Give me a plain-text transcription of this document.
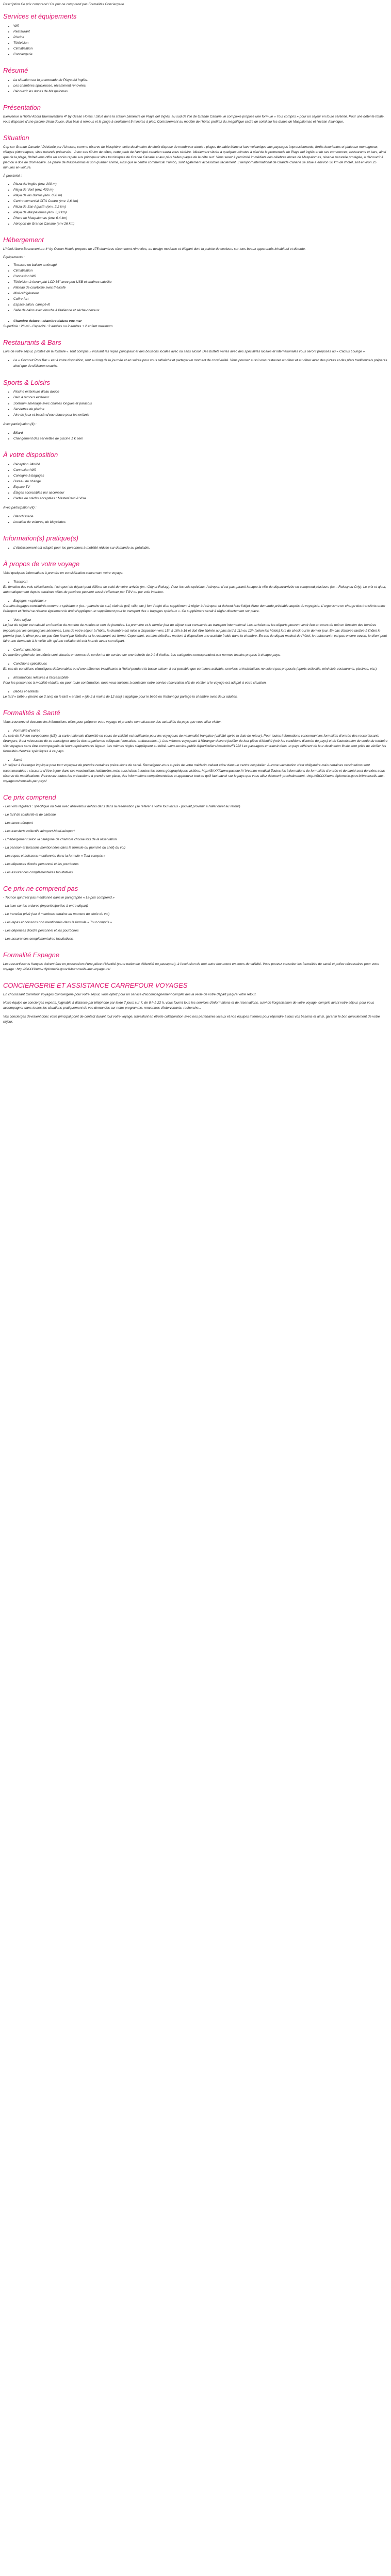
Description Ce prix comprend / Ce prix ne comprend pas Formalités Conciergerie
Services et équipements
• Wifi
• Restaurant
• Piscine
• Télévision
• Climatisation
• Conciergerie
Résumé
• La situation sur la promenade de Playa del Inglés.
• Les chambres spacieuses, récemment rénovées.
• Découvrir les dunes de Maspalomas
Présentation

Bienvenue à l'hôtel Abora Buenaventura 4* by Ocean Hotels ! Situé dans la station balnéaire de Playa del Inglés, au sud de l'île de Grande Canarie, le complexe propose une formule « Tout compris » pour un séjour en toute sérénité. Pour une détente totale, vous disposez d'une piscine d'eau douce, d'un bain à remous et la plage à seulement 5 minutes à pied. Contrairement au modèle de l'hôtel, profitez du magnifique cadre de soleil sur les dunes de Maspalomas et l'océan Atlantique.

Situation

Cap sur Grande Canarie ! Déclarée par l'Unesco, comme réserve de biosphère, cette destination de choix dispose de nombreux atouts : plages de sable blanc et lave volcanique aux paysages impressionnants, forêts luxuriantes et plateaux montagneux, villages pittoresques, sites naturels préservés... Avec ses 60 km de côtes, cette perle de l'archipel canarien saura vous séduire. Idéalement située à quelques minutes à pied de la promenade de Playa del Inglés et de ses commerces, restaurants et bars, ainsi que de la plage, l'hôtel vous offre un accès rapide aux principaux sites touristiques de Grande Canarie et aux plus belles plages de la côte sud. Vous serez à proximité immédiate des célèbres dunes de Maspalomas, réserve naturelle protégée, à découvrir à pied ou à dos de dromadaire. Le phare de Maspalomas et son quartier animé, ainsi que le centre commercial Yumbo, sont également accessibles facilement. L'aéroport international de Grande Canarie se situe à environ 30 km de l'hôtel, soit environ 25 minutes en voiture.

À proximité :
• Plaza del Inglés (env. 200 m)
• Playa de Veril (env. 400 m)
• Playa de las Burras (env. 650 m)
• Centro comercial CITA Centro (env. 1,6 km)
• Plaza de San Agustín (env. 2,2 km)
• Playa de Maspalomas (env. 3,3 km)
• Phare de Maspalomas (env. 6,4 km)
• Aéroport de Grande Canarie (env 26 km)
Hébergement

L'hôtel Abora Buenaventura 4* by Ocean Hotels propose de 175 chambres récemment rénovées, au design moderne et élégant dont la palette de couleurs sur tons beaux apparentés inhabituel et détente.

Équipements :
• Terrasse ou balcon aménagé
• Climatisation
• Connexion Wifi
• Télévision à écran plat LCD 36" avec port USB et chaînes satellite
• Plateau de courtoisie avec thé/café
• Mini-réfrigérateur
• Coffre-fort
• Espace salon, canapé-lit
• Salle de bains avec douche à l'italienne et sèche-cheveux
• Chambre deluxe - chambre deluxe vue mer

Superficie : 26 m² - Capacité : 3 adultes ou 2 adultes + 2 enfant maximum

Restaurants & Bars

Lors de votre séjour, profitez de la formule « Tout compris » incluant les repas principaux et des boissons locales avec ou sans alcool. Des buffets variés avec des spécialités locales et internationales vous seront proposés au « Cactus Lounge ».

• Le « Coconut Pool Bar » est à votre disposition, tout au long de la journée et en soirée pour vous rafraîchir et partager un moment de convivialité. Vous pourrez aussi vous restaurer au dîner et au dîner avec des pizzas et des plats traditionnels préparés ainsi que de délicieux snacks.
Sports & Loisirs
• Piscine extérieure d'eau douce
• Bain à remous extérieur
• Solarium aménagé avec chaises longues et parasols
• Serviettes de piscine
• Aire de jeux et bassin d'eau douce pour les enfants
Avec participation (€) :
• Billard
• Changement des serviettes de piscine 1 € sem
À votre disposition
• Réception 24h/24
• Connexion Wifi
• Consigne à bagages
• Bureau de change
• Espace TV
• Étages accessibles par ascenseur
• Cartes de crédits acceptées : MasterCard & Visa
Avec participation (€) :
• Blanchisserie
• Location de voitures, de bicyclettes
Information(s) pratique(s)
• L'établissement est adapté pour les personnes à mobilité réduite sur demande au préalable.
À propos de votre voyage

Voici quelques informations à prendre en considération concernant votre voyage.

• Transport

En fonction des vols sélectionnés, l'aéroport de départ peut différer de celui de votre arrivée (ex : Orly et Roissy). Pour les vols spéciaux, l'aéroport n'est pas garanti lorsque la ville de départ/arrivée en comprend plusieurs (ex. : Roissy ou Orly). Le prix et ajout, automatiquement depuis certaines villes de province peuvent aussi s'effectuer par TGV ou par voie interieur.

• Bagages « spéciaux »

Certains bagages considérés comme « spéciaux » (ex. : planche de surf, club de golf, vélo, etc.) font l'objet d'un supplément à régler à l'aéroport et doivent faire l'objet d'une demande préalable auprès du voyagiste. L'organisme en charge des transferts entre l'aéroport et l'hôtel se réserve également le droit d'appliquer un supplément pour le transport des « bagages spéciaux ». Ce supplément serait à régler directement sur place.

• Votre séjour

Le jour du séjour est calculé en fonction du nombre de nuitées et non de journées. La première et le dernier jour du séjour sont consacrés au transport international. Les arrivées ou les départs peuvent avoir lieu en cours de nuit en fonction des horaires imposés par les compagnies aériennes. Lors de votre séjour à l'hôtel, la chambre est mise à disposition vers 15h à 16h à 16 et doit être libérée au plus tard à 11h ou 12h (selon les hôtels) lors du check-out le dernier jour. En cas d'arrivée tardive à l'hôtel le premier jour, le dîner peut ne pas être fourni par l'hôtelier et le restaurant est fermé. Cependant, certains hôteliers mettent à disposition une assiette froide dans la chambre. En cas de départ matinal de l'hôtel, le restaurant n'est pas encore ouvert, le client peut faire une demande à la veille afin qu'une collation lui soit fournie avant son départ.

• Confort des hôtels

De manière générale, les hôtels sont classés en termes de confort et de service sur une échelle de 2 à 5 étoiles. Les catégories correspondent aux normes locales propres à chaque pays.

• Conditions spécifiques

En cas de conditions climatiques défavorables ou d'une affluence insuffisante à l'hôtel pendant la basse saison, il est possible que certaines activités, services et installations ne soient pas proposés (sports collectifs, mini club, restaurants, piscines, etc.).

• Informations relatives à l'accessibilité

Pour les personnes à mobilité réduite, ou pour toute confirmation, nous vous invitons à contacter notre service réservation afin de vérifier si le voyage est adapté à votre situation.

• Bébés et enfants

Le tarif « bébé » (moins de 2 ans) ou le tarif « enfant » (de 2 à moins de 12 ans) s'applique pour le bébé ou l'enfant qui partage la chambre avec deux adultes.

Formalités & Santé

Vous trouverez ci-dessous les informations utiles pour préparer votre voyage et prendre connaissance des actualités du pays que vous allez visiter.

• Formalité d'entrée

Au sein de l'Union européenne (UE), la carte nationale d'identité en cours de validité est suffisante pour les voyageurs de nationalité française (validité après la date de retour). Pour toutes informations concernant les formalités d'entrée des ressortissants étrangers, il est nécessaire de se renseigner auprès des organismes adéquats (consulats, ambassades...). Les mineurs voyageant à l'étranger doivent justifier de leur pièce d'identité (voir les conditions d'entrée du pays) et de l'autorisation de sortie du territoire s'ils voyagent sans être accompagnés de leurs représentants légaux. Les mêmes règles s'appliquent au bébé. www.service-public.fr/particuliers/vosdroits/F1922 Les passagers en transit dans un pays différent de leur destination finale sont priés de vérifier les formalités d'entrée spécifiques à ce pays.

• Santé

Un séjour à l'étranger implique pour tout voyageur de prendre certaines précautions de santé. Renseignez-vous auprès de votre médecin traitant et/ou dans un centre hospitalier. Aucune vaccination n'est obligatoire mais certaines vaccinations sont recommandées : s'assurer d'être à jour dans ses vaccinations habituelles mais aussi dans à toutes les zones géographiques visitées. http://ShXXXwww.pasteur.fr/ fr/centre-medical Toutes les informations de formalités d'entrée et de santé sont données sous réserve de modifications. Retrouvez toutes les précautions à prendre sur place, des informations complémentaires et approuvez tout ce qu'il faut savoir sur le pays que vous allez découvrir prochainement : http://ShXXXwww.diplomatie.gouv.fr/fr/conseils-aux-voyageurs/conseils-par-pays/

Ce prix comprend
- Les vols réguliers : spécifique ou bien avec aller-retour définis dans dans la réservation (se référer à votre tout-inclus - pouvait provenir à l'aller ou/et au retour)
- Le tarif de solidarité et de carbone
- Les taxes aéroport
- Les transferts collectifs aéroport-hôtel-aéroport
- L'hébergement selon la catégorie de chambre choisie lors de la réservation
- La pension et boissons mentionnées dans la formule ou (nommé du chef) du vol)
- Les repas et boissons mentionnés dans la formule « Tout compris »
- Les dépenses d'ordre personnel et les pourboires
- Les assurances complémentaires facultatives.
Ce prix ne comprend pas
- Tout ce qui n'est pas mentionné dans le paragraphe « Le prix comprend »
- La taxe sur les ordures (importés/parties à entre départ)
- Le transfert privé (sur 4 membres certains au moment du choix du vol)
- Les repas et boissons non mentionnés dans la formule « Tout compris »
- Les dépenses d'ordre personnel et les pourboires
- Les assurances complémentaires facultatives.
Formalité Espagne

Les ressortissants français doivent être en possession d'une pièce d'identité (carte nationale d'identité ou passeport), à l'exclusion de tout autre document en cours de validité. Vous pouvez consulter les formalités de santé et police nécessaires pour votre voyage : http://ShXXXwww.diplomatie.gouv.fr/fr/conseils-aux-voyageurs/

CONCIERGERIE ET ASSISTANCE CARREFOUR VOYAGES

En choisissant Carrefour Voyages Conciergerie pour votre séjour, vous optez pour un service d'accompagnement complet dès la veille de votre départ jusqu'à votre retour.

Notre équipe de concierges experts, joignable à distance par téléphone par texte 7 jours sur 7, de 8 h à 22 h, vous fournit tous les services d'informations et de réservations, suivi de l'organisation de votre voyage, compris avant votre séjour, pour vous accompagner dans toutes les situations pratiquement de vos demandes sur notre programme, rencontres d'intervenants, recherche...

Vos concierges devraient donc votre principal point de contact durant tout votre voyage, travaillant en étroite collaboration avec nos partenaires locaux et nos équipes internes pour répondre à tous vos besoins et ainsi, garantir le bon déroulement de votre séjour.
